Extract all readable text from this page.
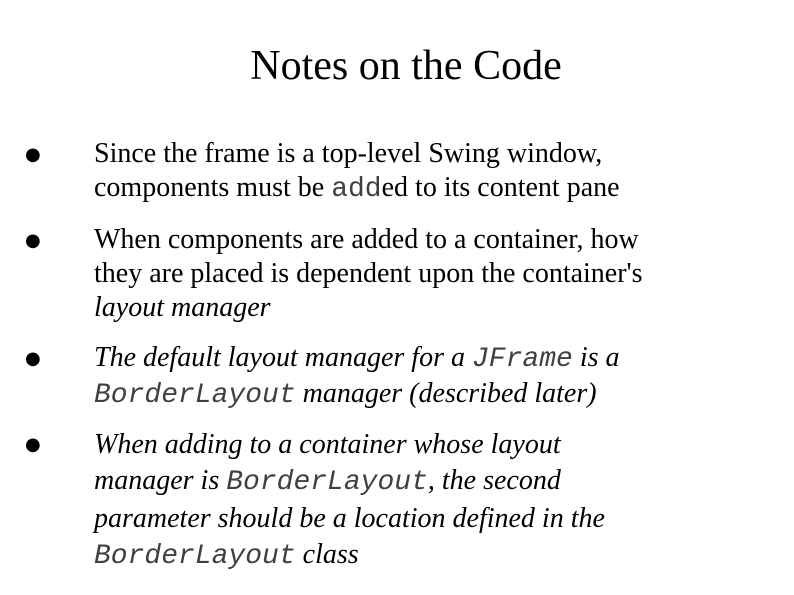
Notes on the Code
● Since the frame is a top-level Swing window,
components must be added to its content pane
● When components are added to a container, how
they are placed is dependent upon the container's
layout manager
● The default layout manager for a JFrame is a
BorderLayout manager (described later)
● When adding to a container whose layout
manager is BorderLayout, the second
parameter should be a location defined in the
BorderLayout class
